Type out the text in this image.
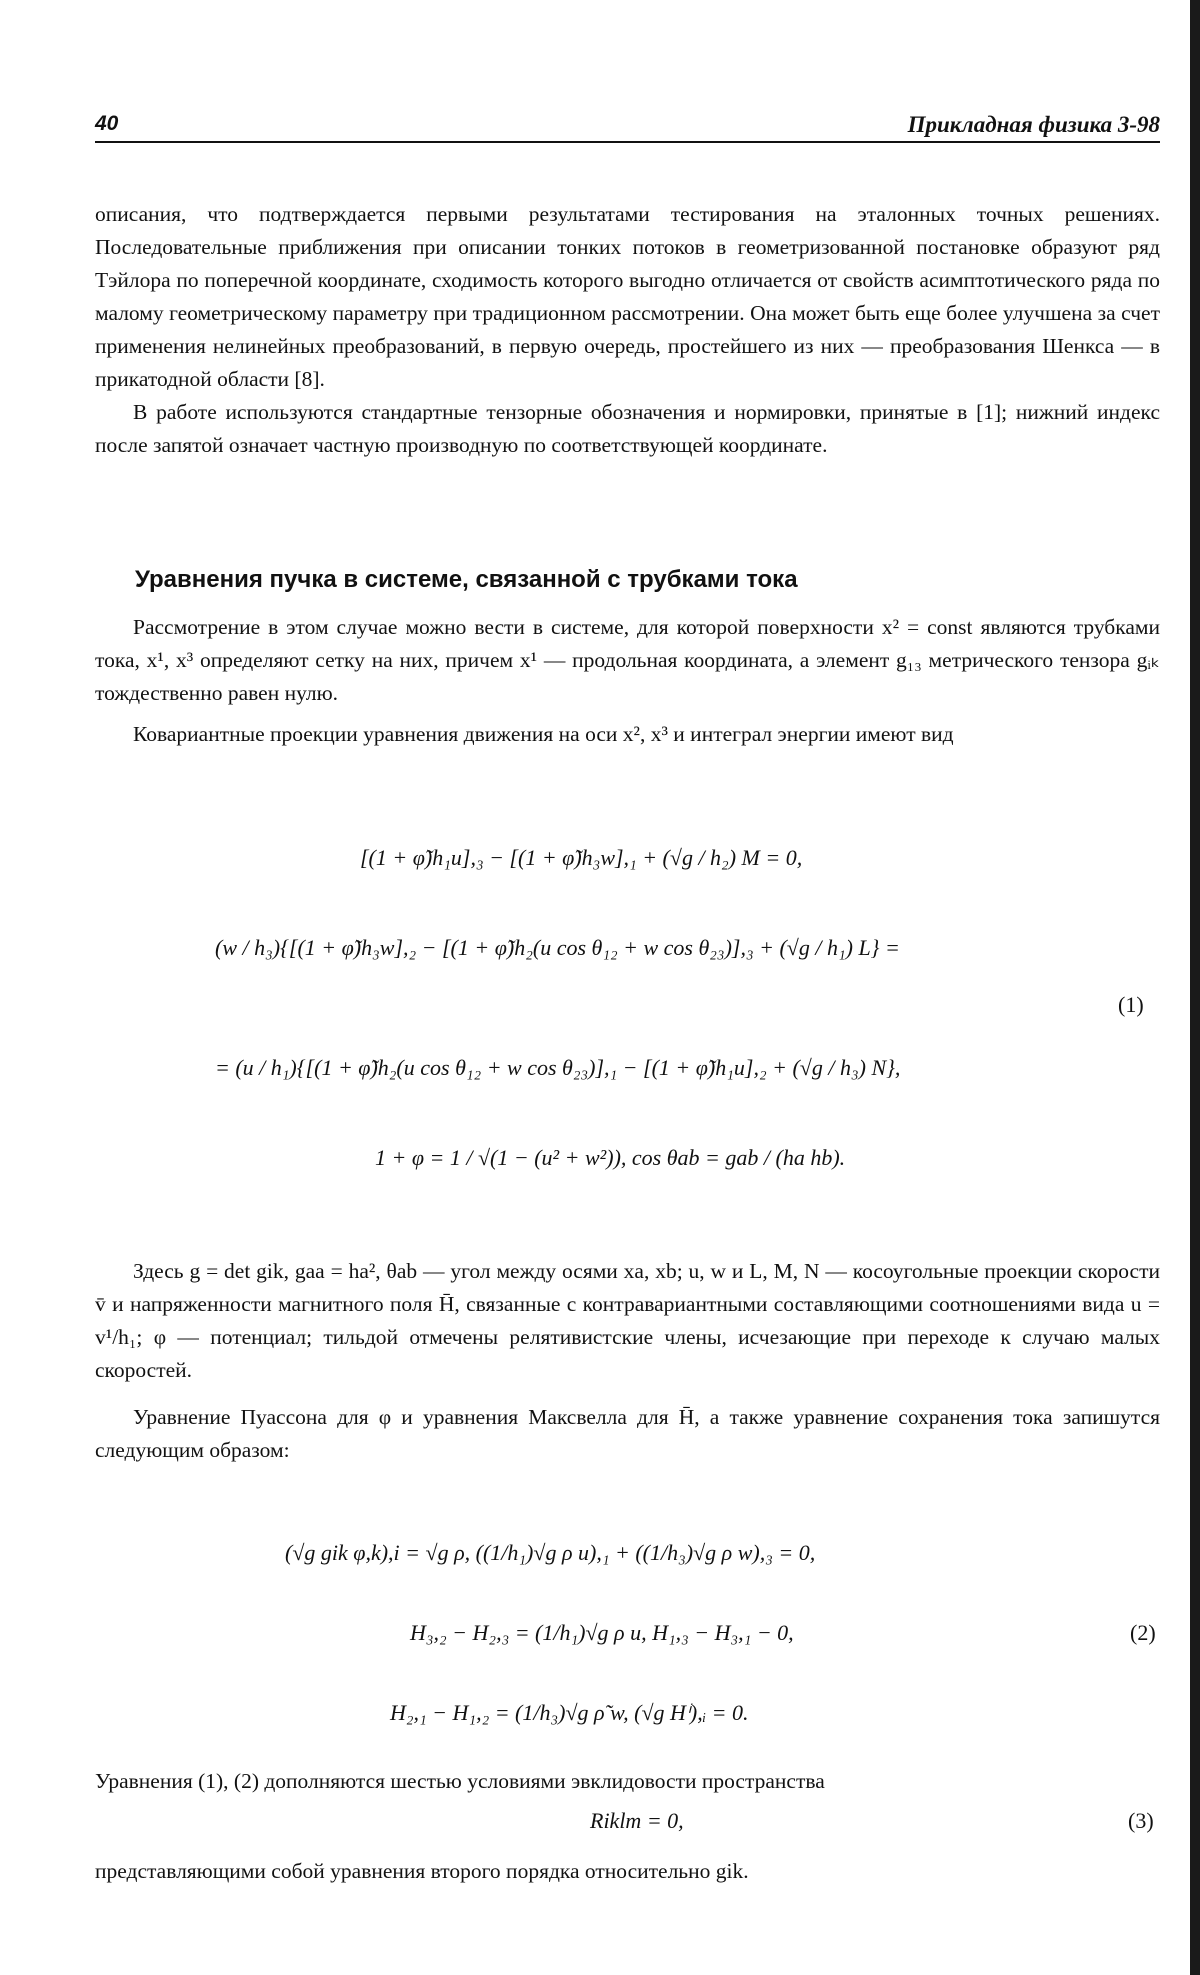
40	Прикладная физика 3-98

описания, что подтверждается первыми результатами тестирования на эталонных точных решениях. Последовательные приближения при описании тонких потоков в геометризованной постановке образуют ряд Тэйлора по поперечной координате, сходимость которого выгодно отличается от свойств асимптотического ряда по малому геометрическому параметру при традиционном рассмотрении. Она может быть еще более улучшена за счет применения нелинейных преобразований, в первую очередь, простейшего из них — преобразования Шенкса — в прикатодной области [8].

В работе используются стандартные тензорные обозначения и нормировки, принятые в [1]; нижний индекс после запятой означает частную производную по соответствующей координате.

Уравнения пучка в системе, связанной с трубками тока

Рассмотрение в этом случае можно вести в системе, для которой поверхности x² = const являются трубками тока, x¹, x³ определяют сетку на них, причем x¹ — продольная координата, а элемент g₁₃ метрического тензора gᵢₖ тождественно равен нулю.

Ковариантные проекции уравнения движения на оси x², x³ и интеграл энергии имеют вид

[(1 + φ̃)h₁u],₃ − [(1 + φ̃)h₃w],₁ + (√g / h₂) M = 0,
(w / h₃){[(1 + φ̃)h₃w],₂ − [(1 + φ̃)h₂(u cos θ₁₂ + w cos θ₂₃)],₃ + (√g / h₁) L} =
= (u / h₁){[(1 + φ̃)h₂(u cos θ₁₂ + w cos θ₂₃)],₁ − [(1 + φ̃)h₁u],₂ + (√g / h₃) N},
1 + φ = 1 / √(1 − (u² + w²)), cos θab = gab / (ha hb).
(1)

Здесь g = det gik, gaa = ha², θab — угол между осями xa, xb; u, w и L, M, N — косоугольные проекции скорости v̄ и напряженности магнитного поля H̄, связанные с контравариантными составляющими соотношениями вида u = v¹/h₁; φ — потенциал; тильдой отмечены релятивистские члены, исчезающие при переходе к случаю малых скоростей.

Уравнение Пуассона для φ и уравнения Максвелла для H̄, а также уравнение сохранения тока запишутся следующим образом:

(√g gik φ,k),i = √g ρ, ((1/h₁)√g ρ u),₁ + ((1/h₃)√g ρ w),₃ = 0,
H₃,₂ − H₂,₃ = (1/h₁)√g ρ u, H₁,₃ − H₃,₁ − 0,
H₂,₁ − H₁,₂ = (1/h₃)√g ρ̃ w, (√g Hⁱ),ᵢ = 0.
(2)
Уравнения (1), (2) дополняются шестью условиями эвклидовости пространства
Riklm = 0,	(3)
представляющими собой уравнения второго порядка относительно gik.
